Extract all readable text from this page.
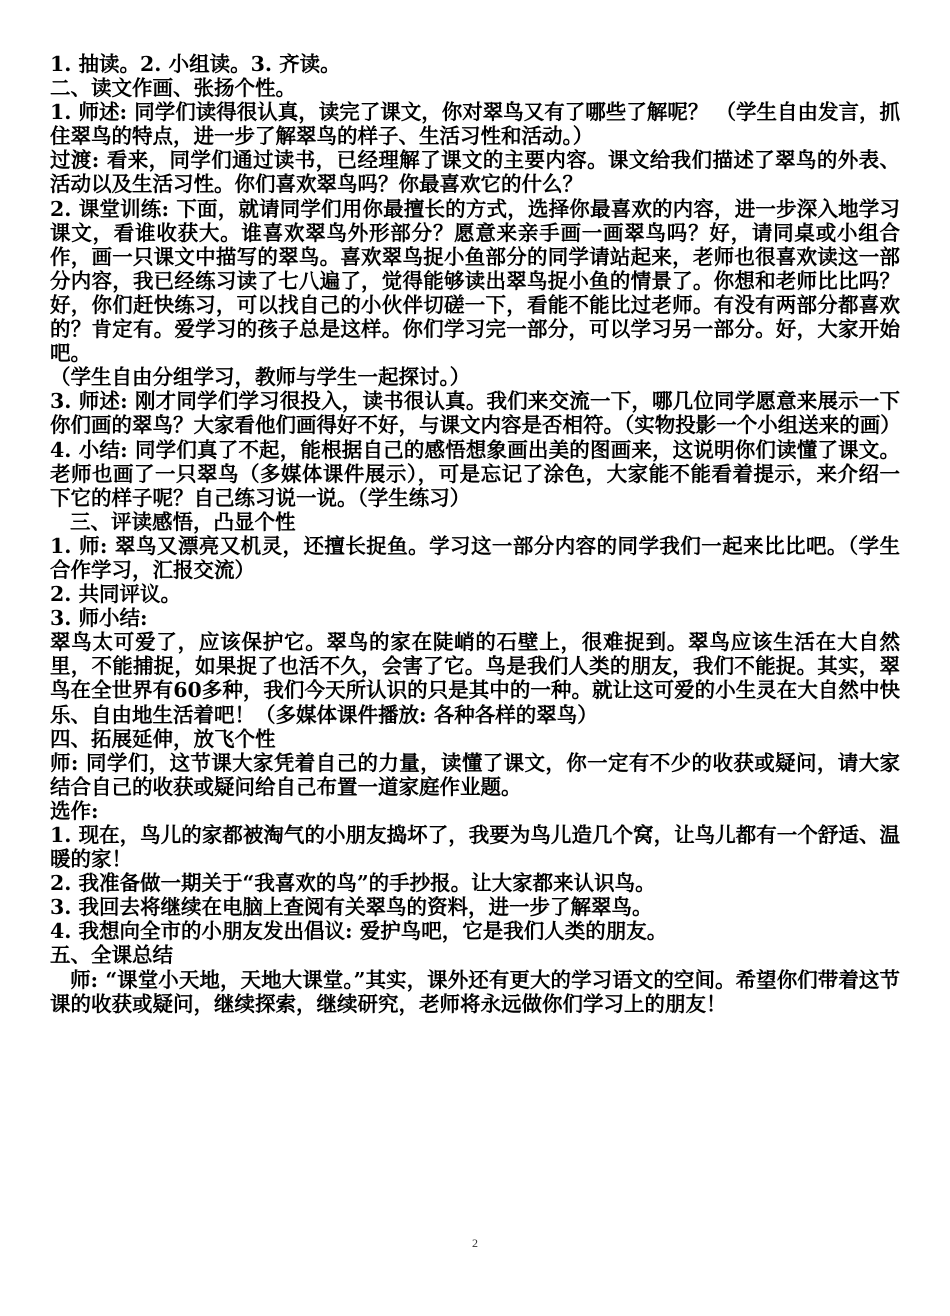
1. 抽读。2. 小组读。3. 齐读。

二、读文作画、张扬个性。

1. 师述: 同学们读得很认真，读完了课文，你对翠鸟又有了哪些了解呢？ （学生自由发言，抓住翠鸟的特点，进一步了解翠鸟的样子、生活习性和活动。）

过渡: 看来，同学们通过读书，已经理解了课文的主要内容。课文给我们描述了翠鸟的外表、活动以及生活习性。你们喜欢翠鸟吗？你最喜欢它的什么？

2. 课堂训练: 下面，就请同学们用你最擅长的方式，选择你最喜欢的内容，进一步深入地学习课文，看谁收获大。谁喜欢翠鸟外形部分？愿意来亲手画一画翠鸟吗？好，请同桌或小组合作，画一只课文中描写的翠鸟。喜欢翠鸟捉小鱼部分的同学请站起来，老师也很喜欢读这一部分内容，我已经练习读了七八遍了，觉得能够读出翠鸟捉小鱼的情景了。你想和老师比比吗？好，你们赶快练习，可以找自己的小伙伴切磋一下，看能不能比过老师。有没有两部分都喜欢的？肯定有。爱学习的孩子总是这样。你们学习完一部分，可以学习另一部分。好，大家开始吧。

（学生自由分组学习，教师与学生一起探讨。）

3. 师述: 刚才同学们学习很投入，读书很认真。我们来交流一下，哪几位同学愿意来展示一下你们画的翠鸟？大家看他们画得好不好，与课文内容是否相符。（实物投影一个小组送来的画）

4. 小结: 同学们真了不起，能根据自己的感悟想象画出美的图画来，这说明你们读懂了课文。老师也画了一只翠鸟（多媒体课件展示），可是忘记了涂色，大家能不能看着提示，来介绍一下它的样子呢？自己练习说一说。（学生练习）

三、评读感悟，凸显个性

1. 师: 翠鸟又漂亮又机灵，还擅长捉鱼。学习这一部分内容的同学我们一起来比比吧。（学生合作学习，汇报交流）

2. 共同评议。

3. 师小结:

翠鸟太可爱了，应该保护它。翠鸟的家在陡峭的石壁上，很难捉到。翠鸟应该生活在大自然里，不能捕捉，如果捉了也活不久，会害了它。鸟是我们人类的朋友，我们不能捉。其实，翠鸟在全世界有60多种，我们今天所认识的只是其中的一种。就让这可爱的小生灵在大自然中快乐、自由地生活着吧！（多媒体课件播放: 各种各样的翠鸟）

四、拓展延伸，放飞个性

师: 同学们，这节课大家凭着自己的力量，读懂了课文，你一定有不少的收获或疑问，请大家结合自己的收获或疑问给自己布置一道家庭作业题。

选作:

1. 现在，鸟儿的家都被淘气的小朋友捣坏了，我要为鸟儿造几个窝，让鸟儿都有一个舒适、温暖的家！

2. 我准备做一期关于“我喜欢的鸟”的手抄报。让大家都来认识鸟。

3. 我回去将继续在电脑上查阅有关翠鸟的资料，进一步了解翠鸟。

4. 我想向全市的小朋友发出倡议: 爱护鸟吧，它是我们人类的朋友。

五、全课总结

师: “课堂小天地，天地大课堂。”其实，课外还有更大的学习语文的空间。希望你们带着这节课的收获或疑问，继续探索，继续研究，老师将永远做你们学习上的朋友！

2
